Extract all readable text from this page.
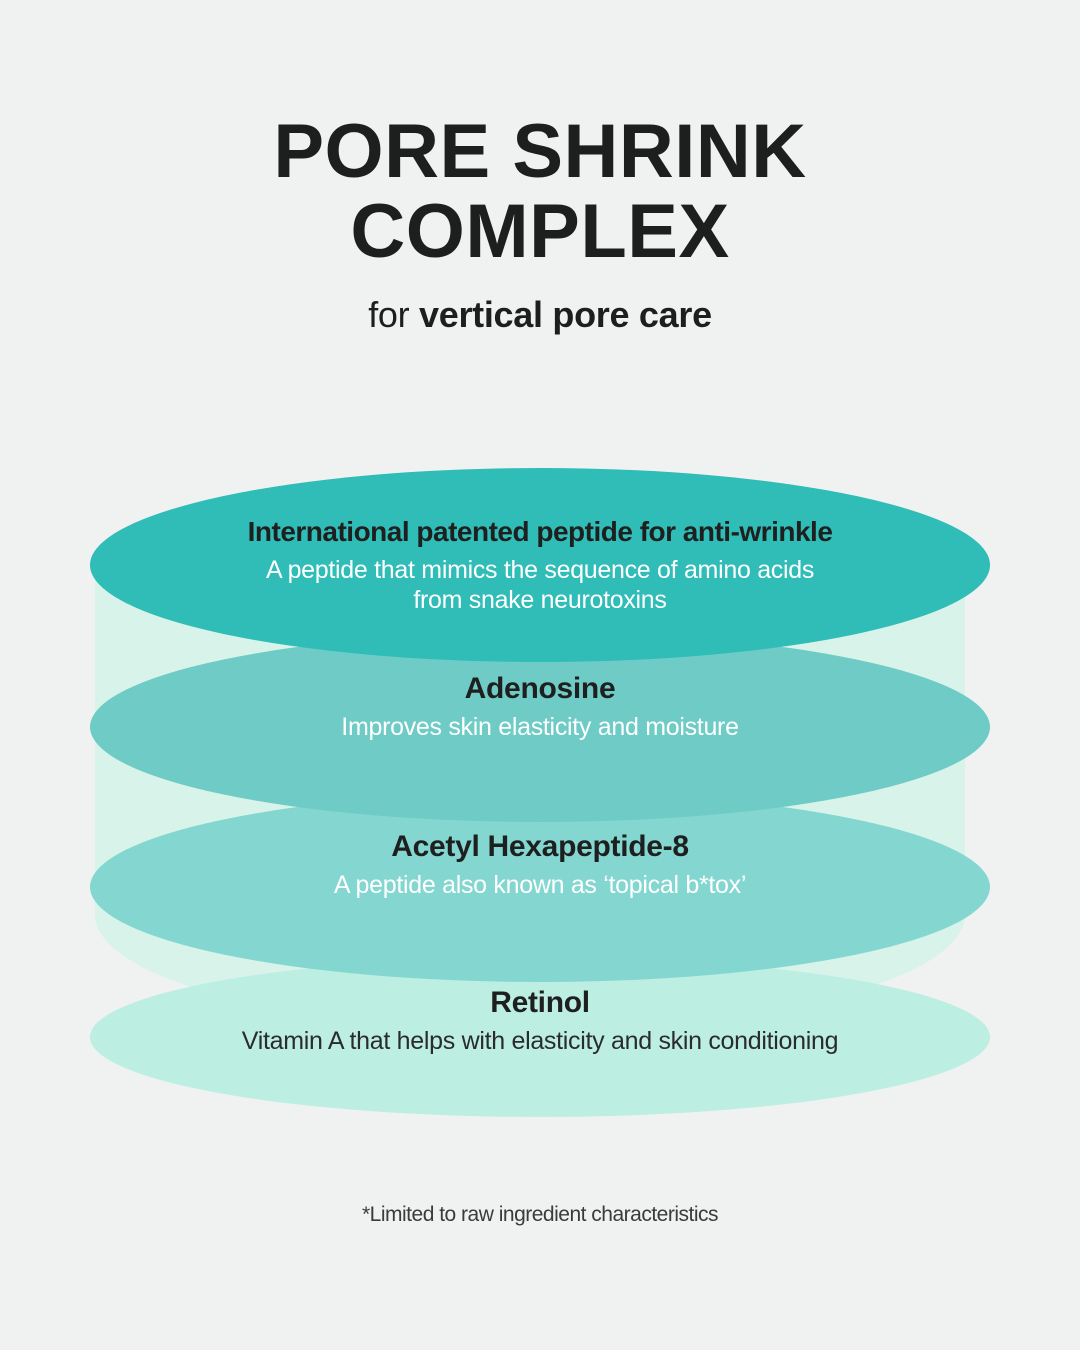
PORE SHRINK
COMPLEX
for vertical pore care
International patented peptide for anti-wrinkle
A peptide that mimics the sequence of amino acids
from snake neurotoxins
Adenosine
Improves skin elasticity and moisture
Acetyl Hexapeptide-8
A peptide also known as ‘topical b*tox’
Retinol
Vitamin A that helps with elasticity and skin conditioning
*Limited to raw ingredient characteristics
